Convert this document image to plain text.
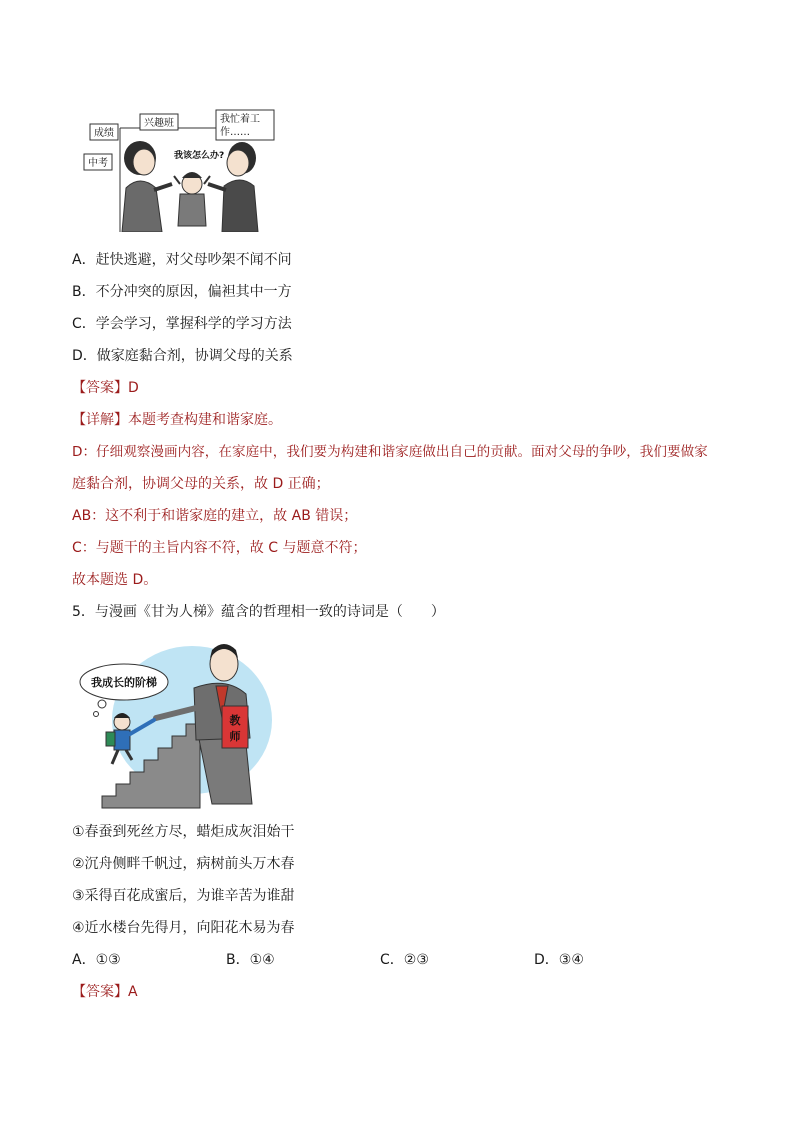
成绩
中考
兴趣班	我忙着工
作……
我该怎么办?
A．赶快逃避，对父母吵架不闻不问
B．不分冲突的原因，偏袒其中一方
C．学会学习，掌握科学的学习方法
D．做家庭黏合剂，协调父母的关系
【答案】D
【详解】本题考查构建和谐家庭。
D：仔细观察漫画内容，在家庭中，我们要为构建和谐家庭做出自己的贡献。面对父母的争吵，我们要做家
庭黏合剂，协调父母的关系，故 D 正确；
AB：这不利于和谐家庭的建立，故 AB 错误；
C：与题干的主旨内容不符，故 C 与题意不符；
故本题选 D。
5．与漫画《甘为人梯》蕴含的哲理相一致的诗词是（　　）
我成长的阶梯
教
师
①春蚕到死丝方尽，蜡炬成灰泪始干
②沉舟侧畔千帆过，病树前头万木春
③采得百花成蜜后，为谁辛苦为谁甜
④近水楼台先得月，向阳花木易为春
A．①③	B．①④	C．②③	D．③④
【答案】A
